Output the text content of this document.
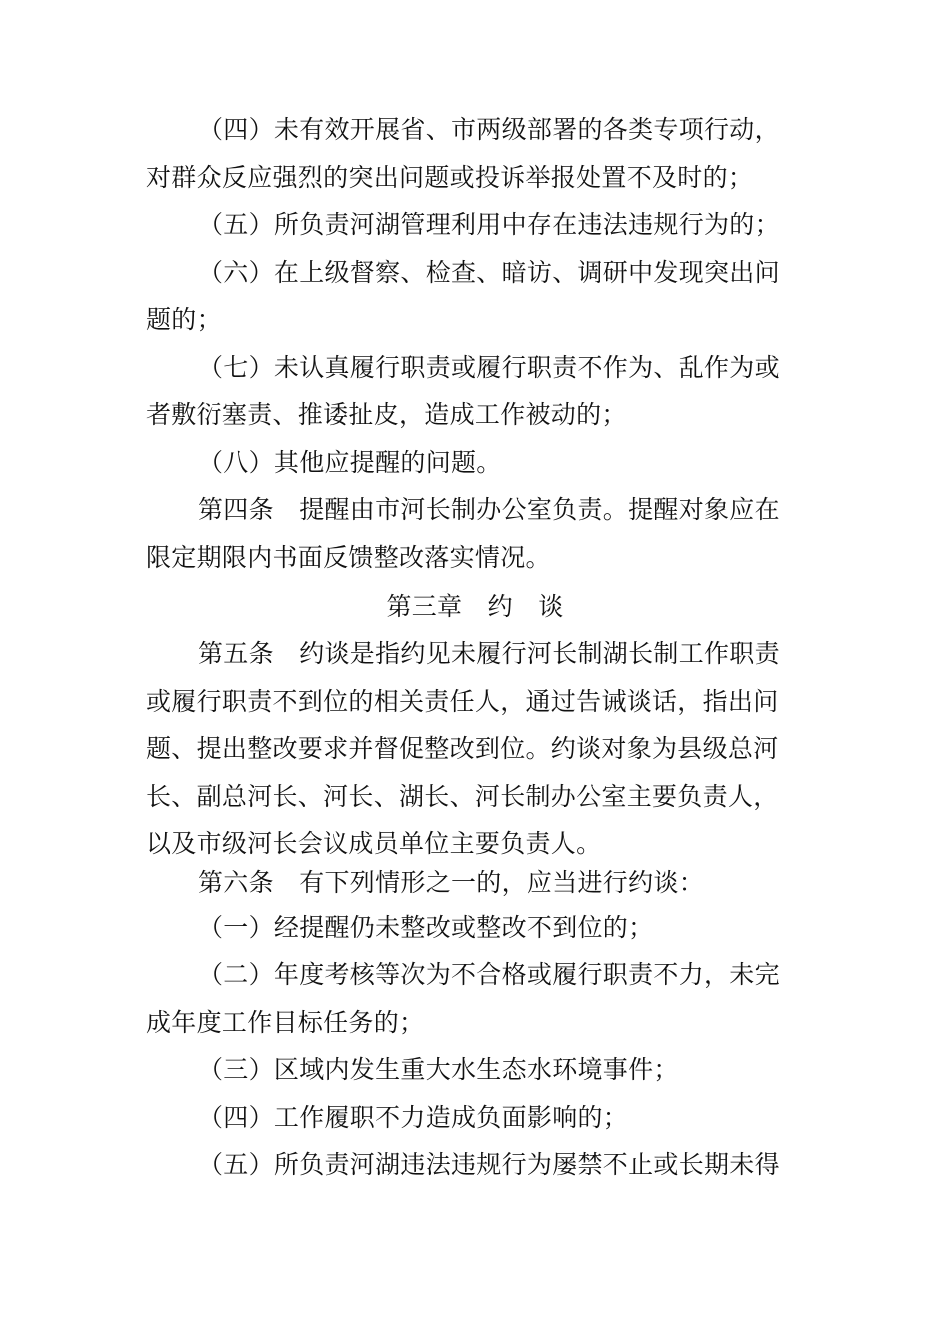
（四）未有效开展省、市两级部署的各类专项行动，
对群众反应强烈的突出问题或投诉举报处置不及时的；
（五）所负责河湖管理利用中存在违法违规行为的；
（六）在上级督察、检查、暗访、调研中发现突出问
题的；
（七）未认真履行职责或履行职责不作为、乱作为或
者敷衍塞责、推诿扯皮，造成工作被动的；
（八）其他应提醒的问题。
第四条　提醒由市河长制办公室负责。提醒对象应在
限定期限内书面反馈整改落实情况。
第三章　约　谈
第五条　约谈是指约见未履行河长制湖长制工作职责
或履行职责不到位的相关责任人，通过告诫谈话，指出问
题、提出整改要求并督促整改到位。约谈对象为县级总河
长、副总河长、河长、湖长、河长制办公室主要负责人，
以及市级河长会议成员单位主要负责人。
第六条　有下列情形之一的，应当进行约谈：
（一）经提醒仍未整改或整改不到位的；
（二）年度考核等次为不合格或履行职责不力，未完
成年度工作目标任务的；
（三）区域内发生重大水生态水环境事件；
（四）工作履职不力造成负面影响的；
（五）所负责河湖违法违规行为屡禁不止或长期未得
